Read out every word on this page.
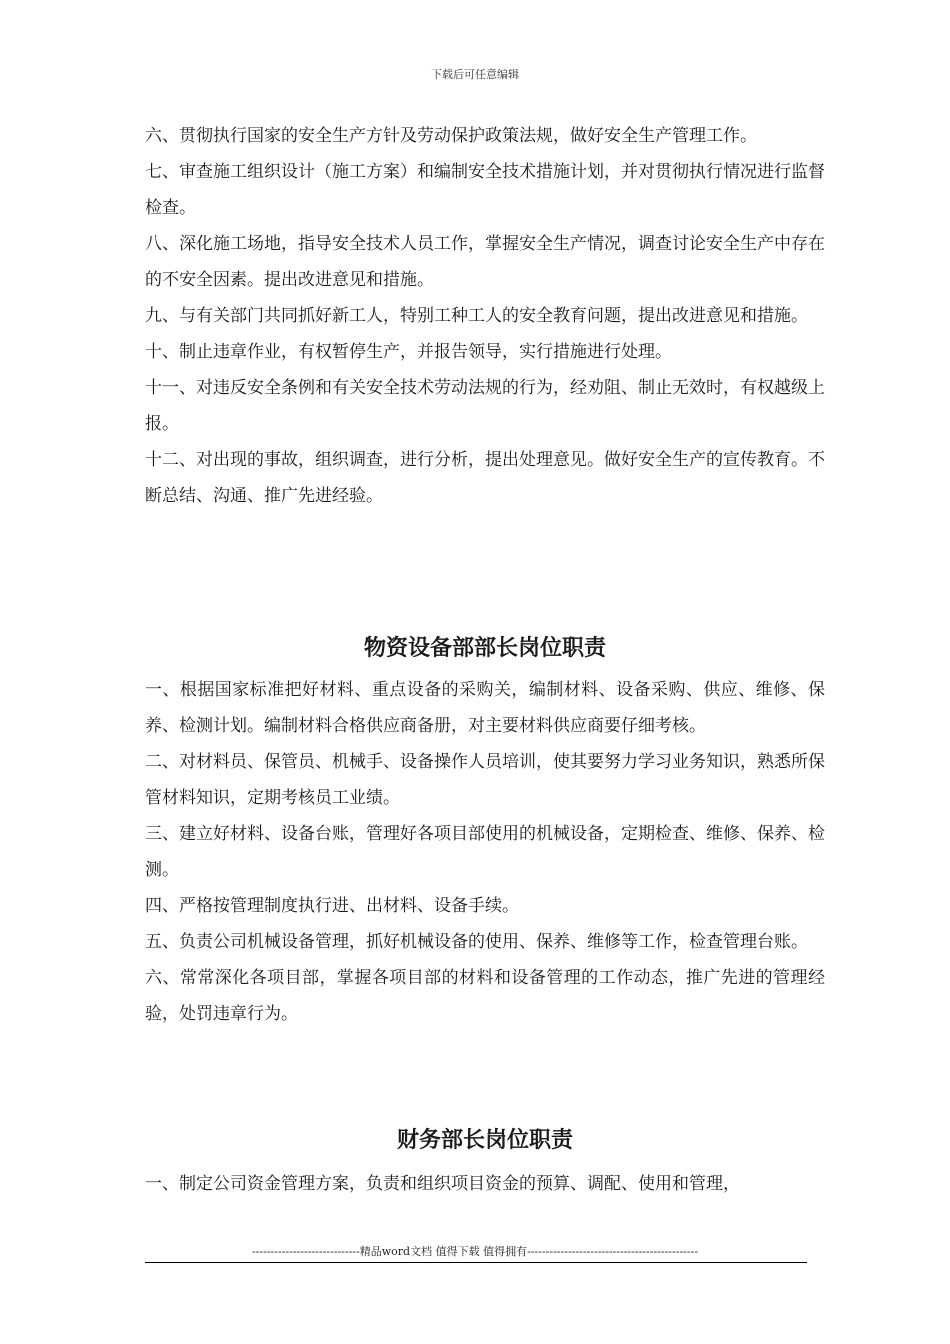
下载后可任意编辑

六、贯彻执行国家的安全生产方针及劳动保护政策法规，做好安全生产管理工作。

七、审查施工组织设计（施工方案）和编制安全技术措施计划，并对贯彻执行情况进行监督检查。

八、深化施工场地，指导安全技术人员工作，掌握安全生产情况，调查讨论安全生产中存在的不安全因素。提出改进意见和措施。

九、与有关部门共同抓好新工人，特别工种工人的安全教育问题，提出改进意见和措施。

十、制止违章作业，有权暂停生产，并报告领导，实行措施进行处理。

十一、对违反安全条例和有关安全技术劳动法规的行为，经劝阻、制止无效时，有权越级上报。

十二、对出现的事故，组织调查，进行分析，提出处理意见。做好安全生产的宣传教育。不断总结、沟通、推广先进经验。

物资设备部部长岗位职责

一、根据国家标准把好材料、重点设备的采购关，编制材料、设备采购、供应、维修、保养、检测计划。编制材料合格供应商备册，对主要材料供应商要仔细考核。

二、对材料员、保管员、机械手、设备操作人员培训，使其要努力学习业务知识，熟悉所保管材料知识，定期考核员工业绩。

三、建立好材料、设备台账，管理好各项目部使用的机械设备，定期检查、维修、保养、检测。

四、严格按管理制度执行进、出材料、设备手续。

五、负责公司机械设备管理，抓好机械设备的使用、保养、维修等工作，检查管理台账。

六、常常深化各项目部，掌握各项目部的材料和设备管理的工作动态，推广先进的管理经验，处罚违章行为。

财务部长岗位职责

一、制定公司资金管理方案，负责和组织项目资金的预算、调配、使用和管理，

-----------------------------精品word文档 值得下载 值得拥有----------------------------------------------
